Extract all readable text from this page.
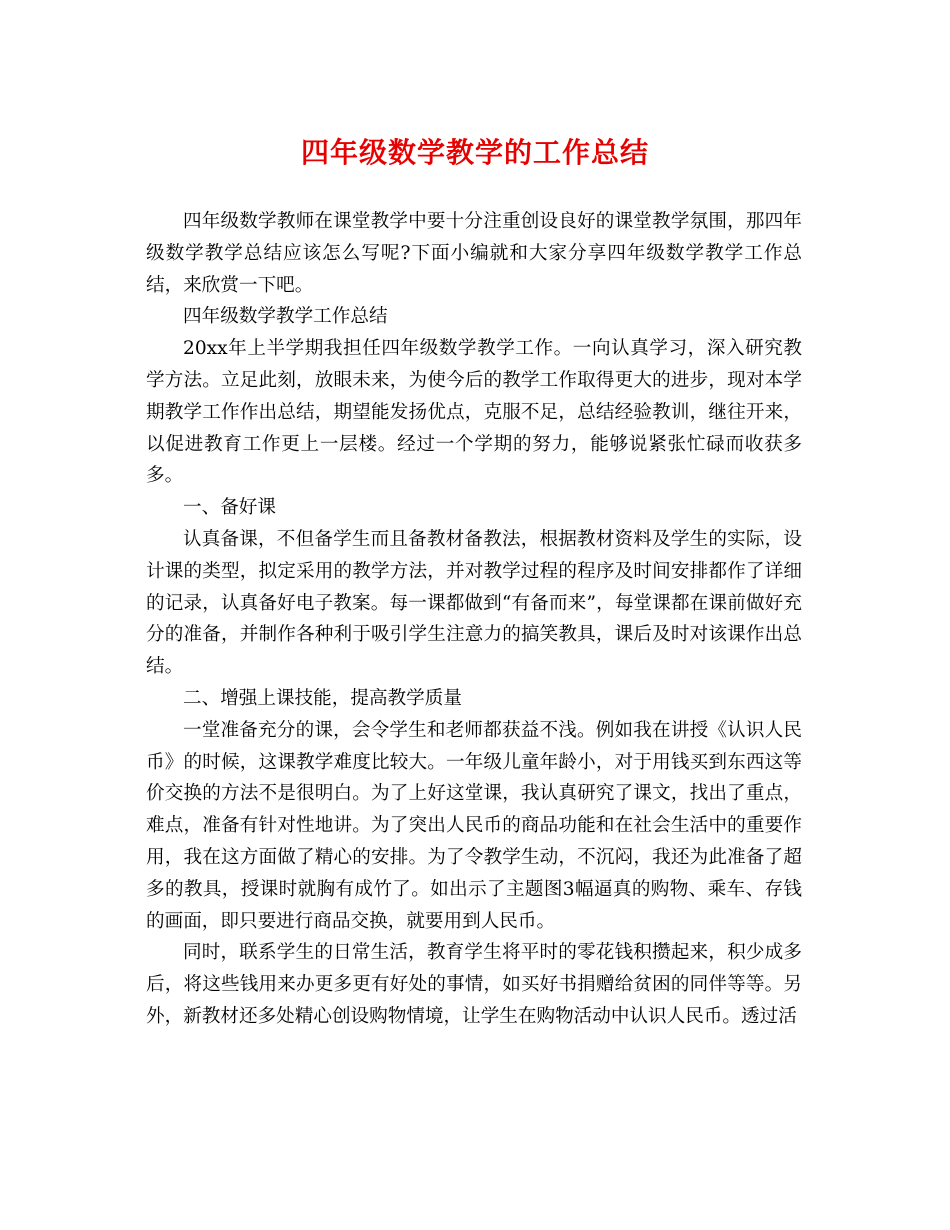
四年级数学教学的工作总结

四年级数学教师在课堂教学中要十分注重创设良好的课堂教学氛围，那四年级数学教学总结应该怎么写呢?下面小编就和大家分享四年级数学教学工作总结，来欣赏一下吧。

四年级数学教学工作总结

20xx年上半学期我担任四年级数学教学工作。一向认真学习，深入研究教学方法。立足此刻，放眼未来，为使今后的教学工作取得更大的进步，现对本学期教学工作作出总结，期望能发扬优点，克服不足，总结经验教训，继往开来，以促进教育工作更上一层楼。经过一个学期的努力，能够说紧张忙碌而收获多多。

一、备好课

认真备课，不但备学生而且备教材备教法，根据教材资料及学生的实际，设计课的类型，拟定采用的教学方法，并对教学过程的程序及时间安排都作了详细的记录，认真备好电子教案。每一课都做到“有备而来”，每堂课都在课前做好充分的准备，并制作各种利于吸引学生注意力的搞笑教具，课后及时对该课作出总结。

二、增强上课技能，提高教学质量

一堂准备充分的课，会令学生和老师都获益不浅。例如我在讲授《认识人民币》的时候，这课教学难度比较大。一年级儿童年龄小，对于用钱买到东西这等价交换的方法不是很明白。为了上好这堂课，我认真研究了课文，找出了重点，难点，准备有针对性地讲。为了突出人民币的商品功能和在社会生活中的重要作用，我在这方面做了精心的安排。为了令教学生动，不沉闷，我还为此准备了超多的教具，授课时就胸有成竹了。如出示了主题图3幅逼真的购物、乘车、存钱的画面，即只要进行商品交换，就要用到人民币。

同时，联系学生的日常生活，教育学生将平时的零花钱积攒起来，积少成多后，将这些钱用来办更多更有好处的事情，如买好书捐赠给贫困的同伴等等。另外，新教材还多处精心创设购物情境，让学生在购物活动中认识人民币。透过活
